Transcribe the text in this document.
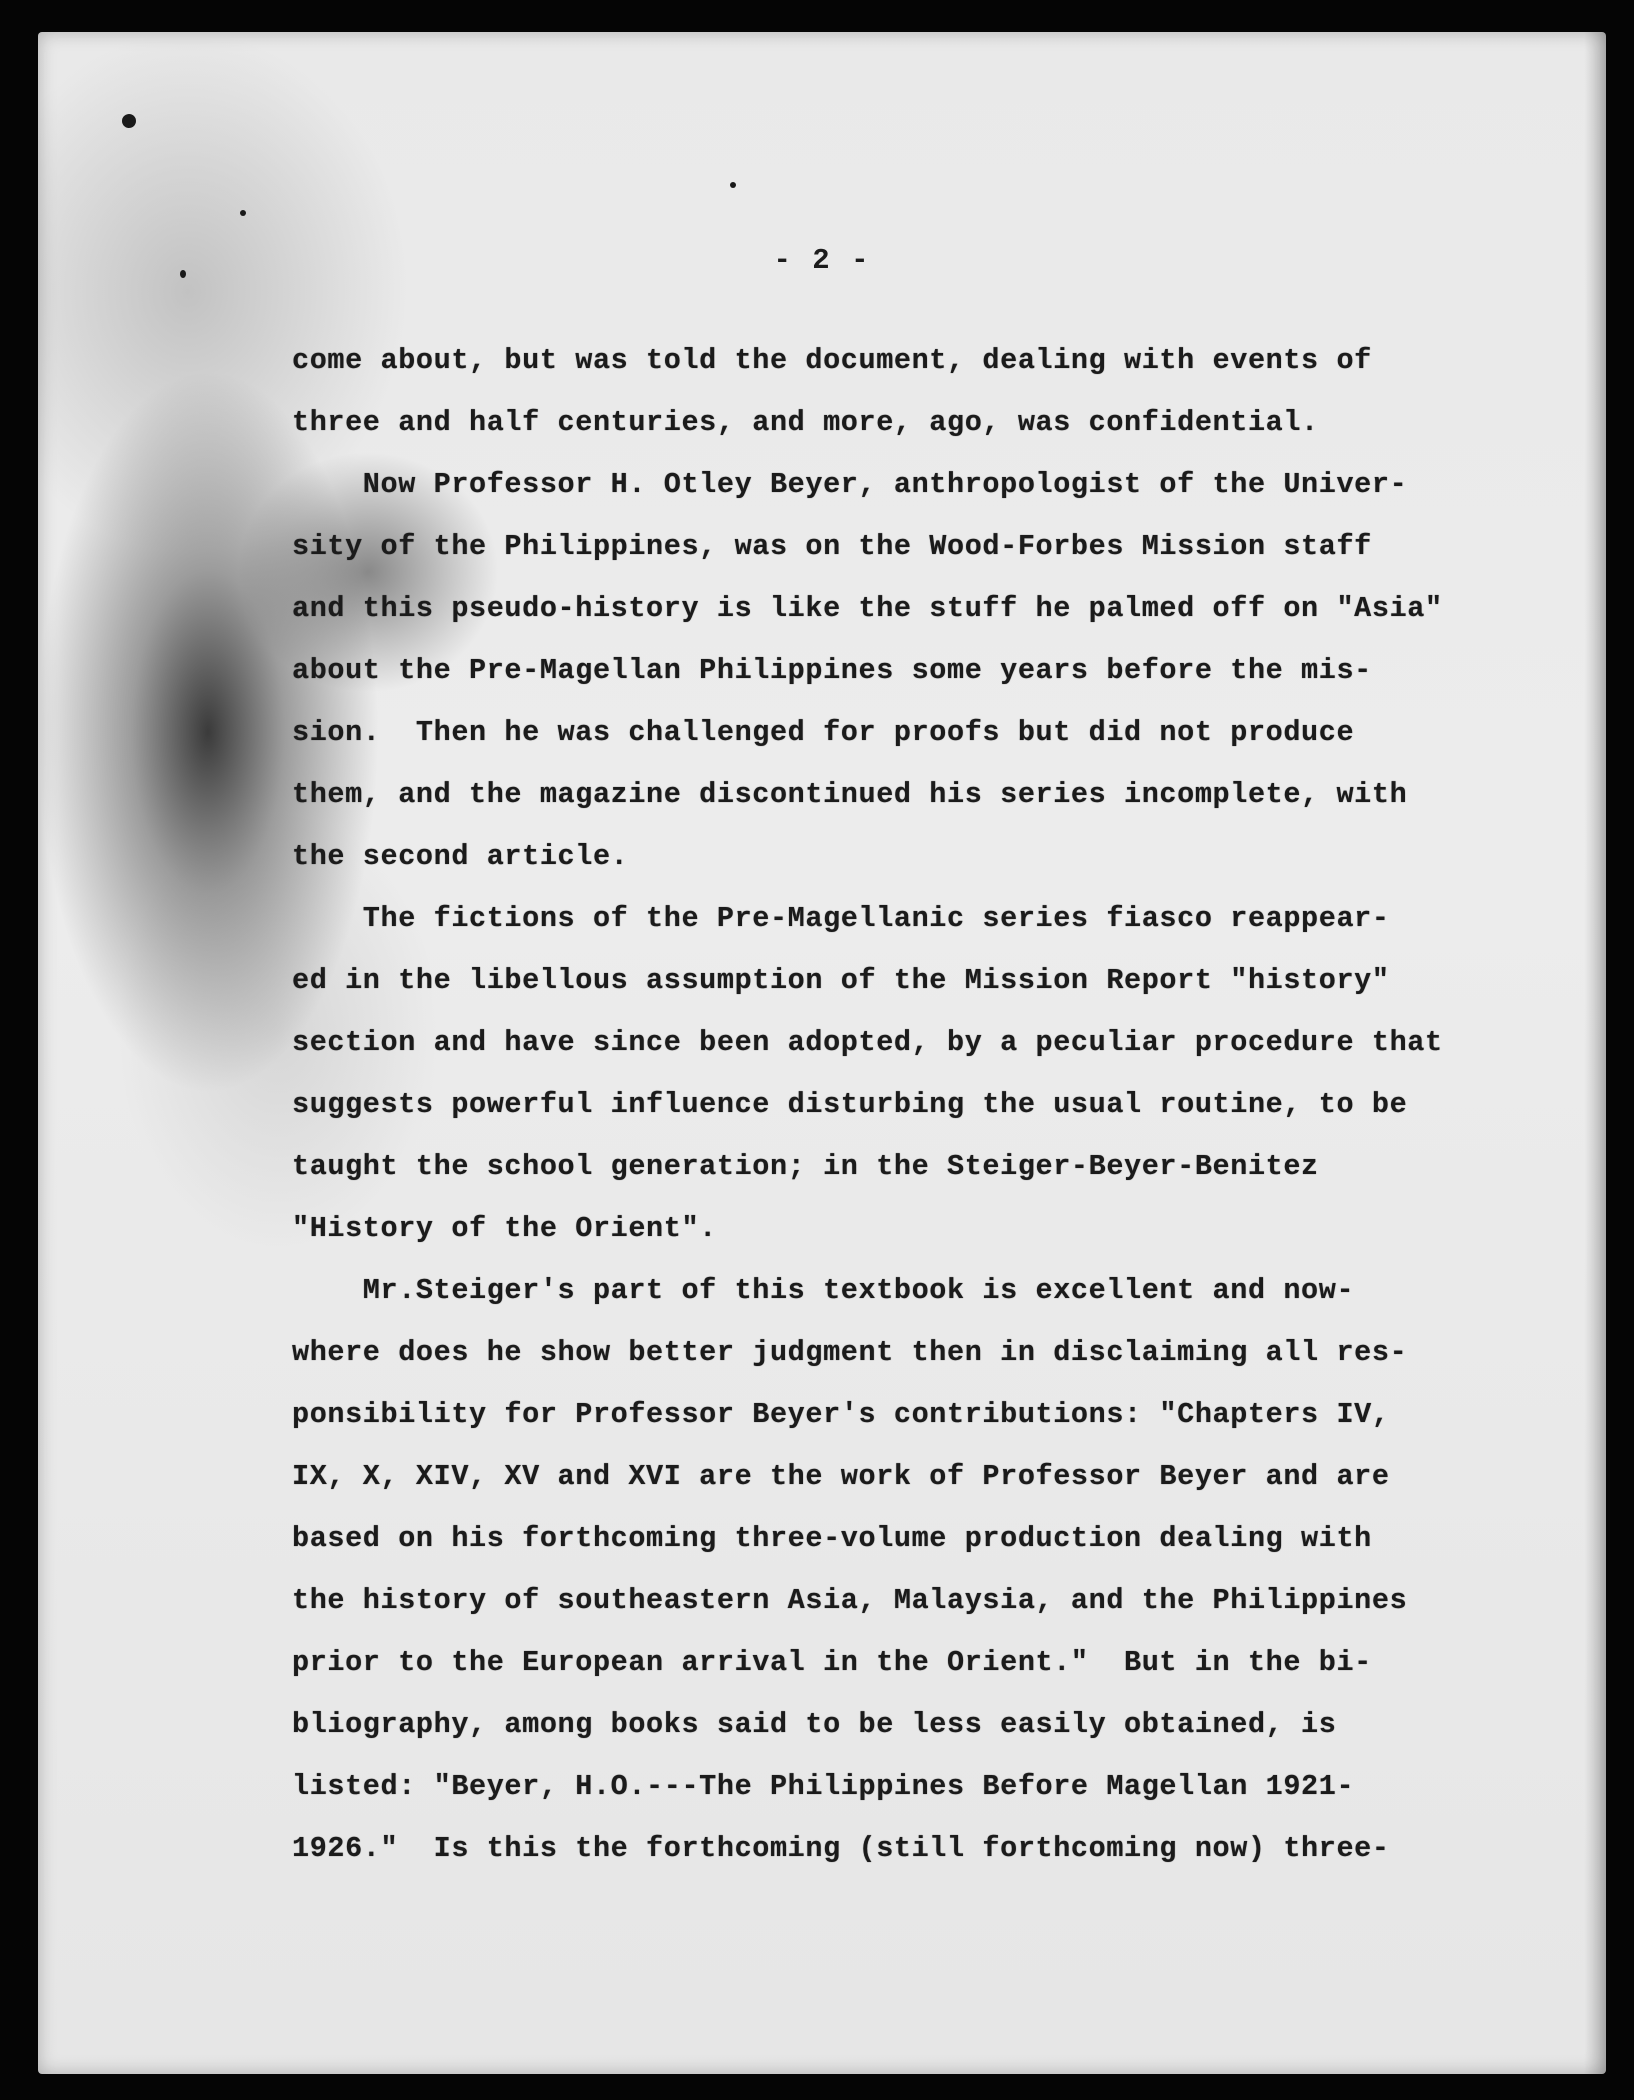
- 2 -
come about, but was told the document, dealing with events of
three and half centuries, and more, ago, was confidential.
Now Professor H. Otley Beyer, anthropologist of the Univer-
sity of the Philippines, was on the Wood-Forbes Mission staff
and this pseudo-history is like the stuff he palmed off on "Asia"
about the Pre-Magellan Philippines some years before the mis-
sion.  Then he was challenged for proofs but did not produce
them, and the magazine discontinued his series incomplete, with
the second article.
The fictions of the Pre-Magellanic series fiasco reappear-
ed in the libellous assumption of the Mission Report "history"
section and have since been adopted, by a peculiar procedure that
suggests powerful influence disturbing the usual routine, to be
taught the school generation; in the Steiger-Beyer-Benitez
"History of the Orient".
Mr.Steiger's part of this textbook is excellent and now-
where does he show better judgment then in disclaiming all res-
ponsibility for Professor Beyer's contributions: "Chapters IV,
IX, X, XIV, XV and XVI are the work of Professor Beyer and are
based on his forthcoming three-volume production dealing with
the history of southeastern Asia, Malaysia, and the Philippines
prior to the European arrival in the Orient."  But in the bi-
bliography, among books said to be less easily obtained, is
listed: "Beyer, H.O.---The Philippines Before Magellan 1921-
1926."  Is this the forthcoming (still forthcoming now) three-
